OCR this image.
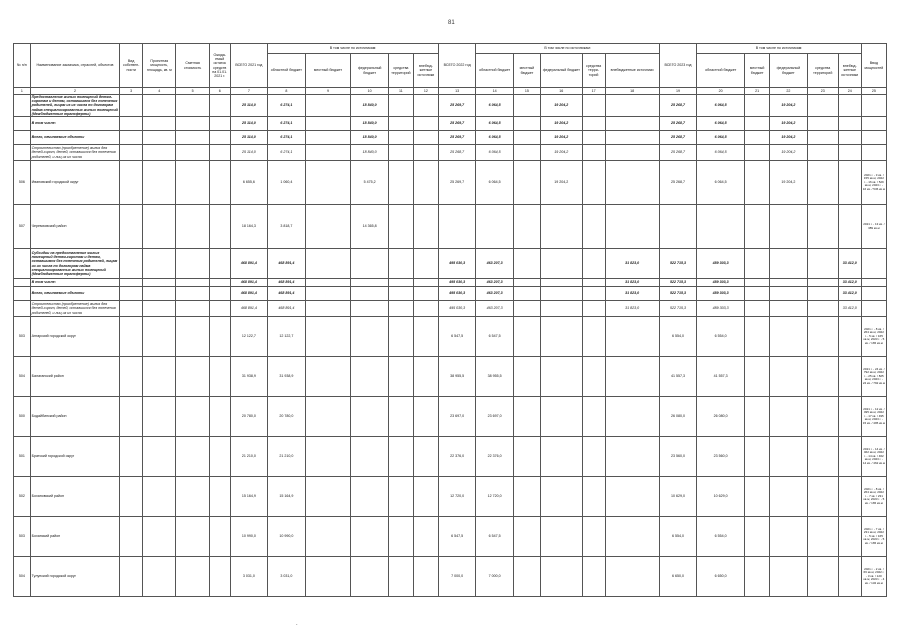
81
№ п/п	Наименование заказчика, отраслей, объектов	Вид собствен- ности	Проектная мощность, площадь, кв. м	Сметная стоимость	Ожида- емый остаток средств на 01.01. 2021 г.	ВСЕГО 2021 год	В том числе по источникам:					ВСЕГО 2022 год	В том числе по источникам:					ВСЕГО 2023 год	В том числе по источникам:					Ввод мощностей
							областной бюджет	местный бюджет	федеральный бюджет	средства территорий	внебюд- жетные источники		областной бюджет	местный бюджет	федеральный бюджет	средства терри- торий	внебюджетные источники		областной бюджет	местный бюджет	федеральный бюджет	средства территорий	внебюд- жетные источники	
1	2	3	4	5	6	7	8	9	10	11	12	13	14	15	16	17	18	19	20	21	22	23	24	25
	Предоставление жилых помещений детям-сиротам и детям, оставшимся без попечения родителей, лицам из их числа по договорам найма специализированных жилых помещений (Межбюджетные трансферты)					25 114,0	6 274,1		18 840,0			25 269,7	6 064,5		19 204,2			25 268,7	6 064,5		19 204,2			
	В том числе:					25 114,0	6 274,1		18 840,0			25 269,7	6 064,5		19 204,2			25 268,7	6 064,5		19 204,2			
	Всего, начинаемые объекты					25 114,0	6 274,1		18 840,0			25 269,7	6 064,5		19 204,2			25 268,7	6 064,5		19 204,2			
	Строительство (приобретение) жилья для детей-сирот, детей, оставшихся без попечения родителей, и лиц из их числа					25 114,0	6 274,1		18 840,0			25 268,7	6 064,5		19 204,2			25 268,7	6 064,5		19 204,2			
506	Ивановский городской округ					6 655,6	1 060,4		5 475,2			25 269,7	6 064,5		19 204,2			25 268,7	6 064,5		19 204,2			2021 г. - 3 кв. / 155 кв.м; 2022 г. - 16 кв. / 529 кв.м; 2023 г. - 16 кв. / 536 кв.м
507	Черемховский район					18 164,3	3 818,7		14 365,8															2021 г. - 13 кв. / 389 кв.м
	Субсидии на предоставление жилых помещений детям-сиротам и детям, оставшимся без попечения родителей, лицам из их числа по договорам найма специализированных жилых помещений (Межбюджетные трансферты)					468 891,4	468 891,4					495 030,3	463 207,3				31 823,0	522 715,3	489 303,3				33 412,0	
	В том числе:					468 891,4	468 891,4					495 030,3	463 207,3				31 823,0	522 715,3	489 303,3				33 412,0	
	Всего, начинаемые объекты					468 891,4	468 891,4					495 030,3	463 207,3				31 823,0	522 715,3	489 303,3				33 412,0	
	Строительство (приобретение) жилья для детей-сирот, детей, оставшихся без попечения родителей, и лиц из их числа					468 891,4	468 891,4					495 030,3	463 207,3				31 823,0	522 715,3	489 303,3				33 412,0	
503	Ангарский городской округ					12 122,7	12 122,7					6 547,5	6 547,5					6 554,0	6 554,0					2021 г. - 8 кв. / 264 кв.м; 2022 г. - 5 кв. / 165 кв.м; 2023 г. - 5 кв. / 165 кв.м
504	Балаганский район					31 938,9	31 938,9					38 955,5	38 955,5					41 557,3	41 557,3					2021 г. - 24 кв. / 792 кв.м; 2022 г. - 25 кв. / 825 кв.м; 2023 г. - 24 кв. / 792 кв.м
500	Бодайбинский район					20 780,0	20 780,0					23 697,0	23 697,0					26 080,0	26 080,0					2021 г. - 12 кв. / 495 кв.м; 2022 г. - 17 кв. / 495 кв.м; 2023 г. - 15 кв. / 495 кв.м
501	Братский городской округ					21 210,0	21 210,0					22 376,0	22 376,0					23 560,0	23 560,0					2021 г. - 14 кв. / 462 кв.м; 2022 г. - 14 кв. / 462 кв.м; 2023 г. - 14 кв. / 462 кв.м
502	Бохановский район					15 164,9	15 164,9					12 720,0	12 720,0					10 629,0	10 629,0					2021 г. - 8 кв. / 264 кв.м; 2022 г. - 7 кв. / 231 кв.м; 2023 г. - 5 кв. / 165 кв.м
503	Боханский район					10 990,0	10 990,0					6 547,5	6 547,5					6 554,0	6 554,0					2021 г. - 7 кв. / 231 кв.м; 2022 г. - 5 кв. / 165 кв.м; 2023 г. - 5 кв. / 165 кв.м
504	Тулунский городской округ					3 031,0	3 031,0					7 000,0	7 000,0					6 650,0	6 650,0					2021 г. - 2 кв. / 66 кв.м; 2022 г. - 3 кв. / 120 кв.м; 2023 г. - 4 кв. / 132 кв.м
.
